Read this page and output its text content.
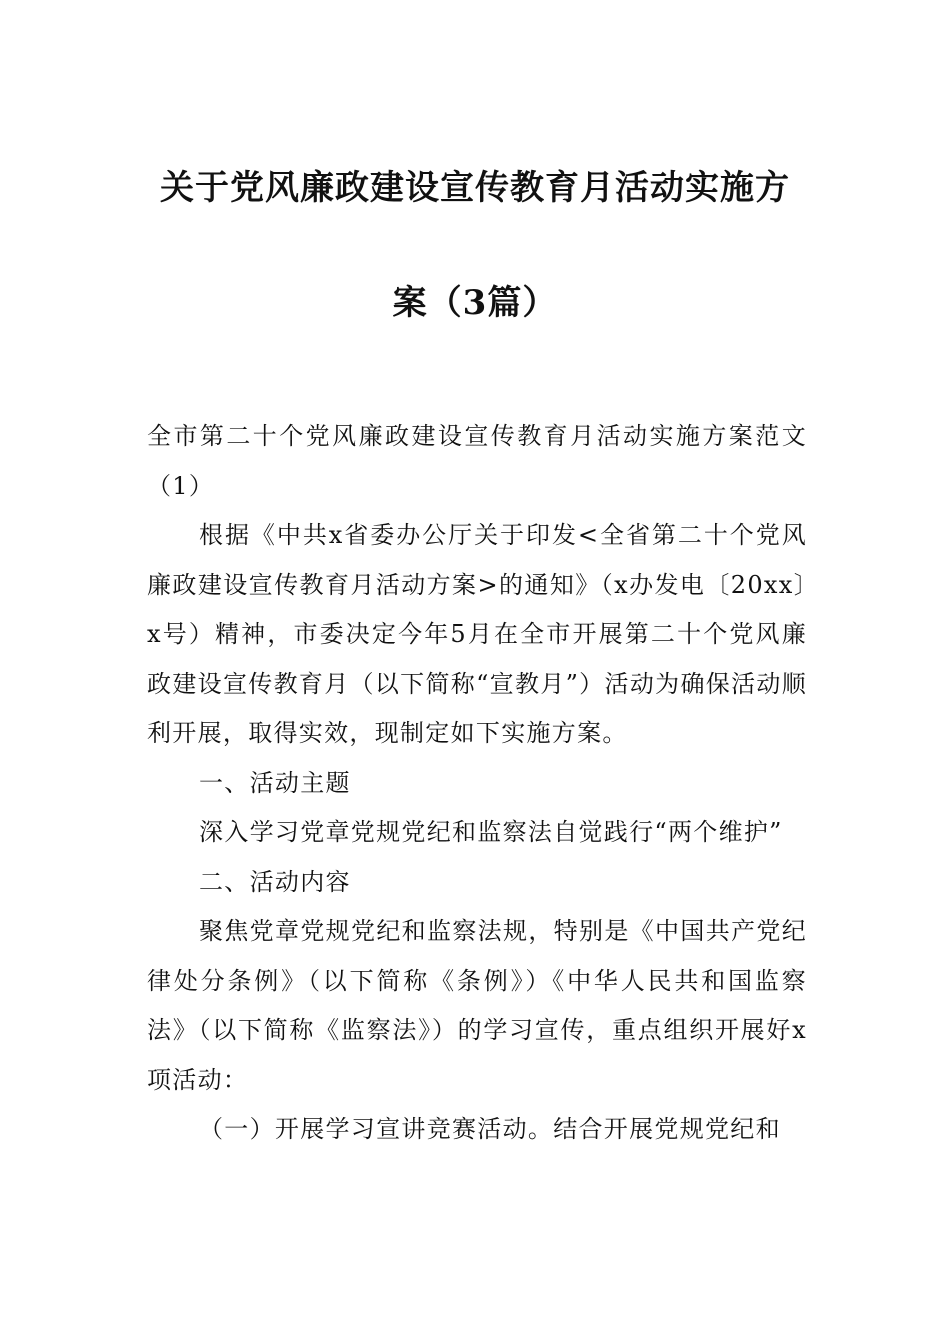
关于党风廉政建设宣传教育月活动实施方
案（3篇）

全市第二十个党风廉政建设宣传教育月活动实施方案范文（1）

根据《中共x省委办公厅关于印发<全省第二十个党风廉政建设宣传教育月活动方案>的通知》（x办发电〔20xx〕x号）精神，市委决定今年5月在全市开展第二十个党风廉政建设宣传教育月（以下简称“宣教月”）活动为确保活动顺利开展，取得实效，现制定如下实施方案。

一、活动主题

深入学习党章党规党纪和监察法自觉践行“两个维护”

二、活动内容

聚焦党章党规党纪和监察法规，特别是《中国共产党纪律处分条例》（以下简称《条例》）《中华人民共和国监察法》（以下简称《监察法》）的学习宣传，重点组织开展好x项活动：

（一）开展学习宣讲竞赛活动。结合开展党规党纪和
